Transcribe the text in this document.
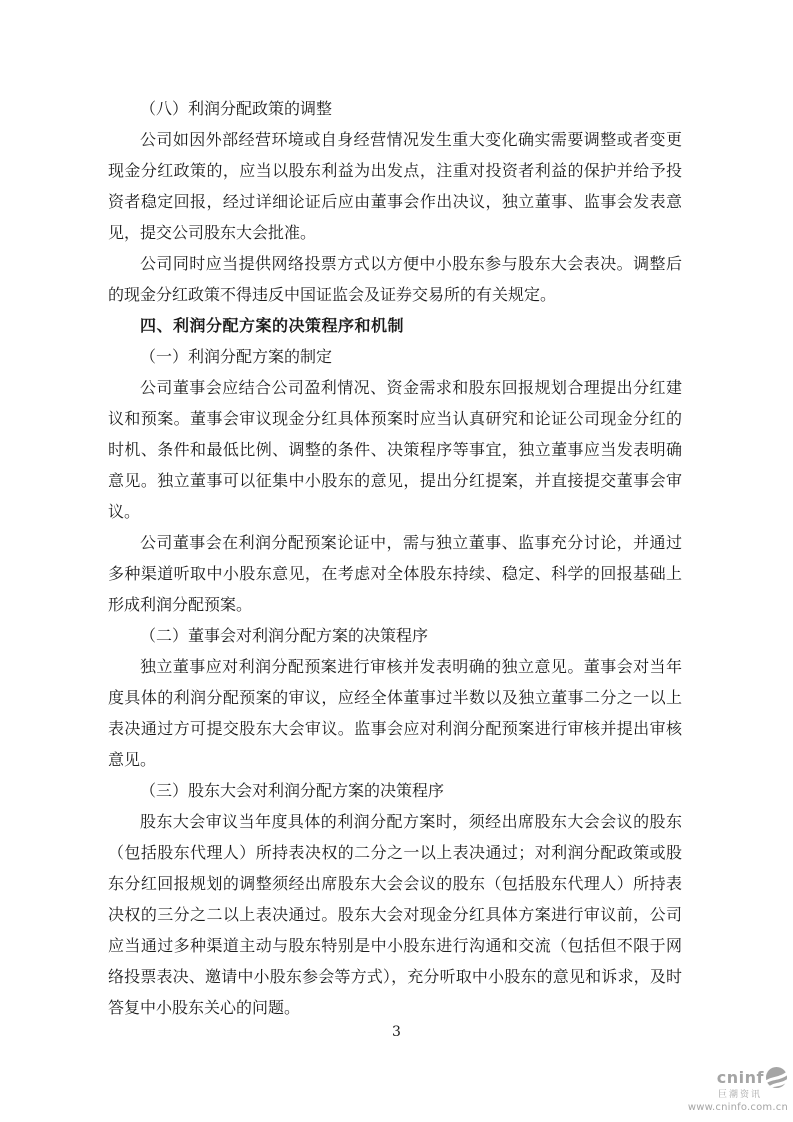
（八）利润分配政策的调整

公司如因外部经营环境或自身经营情况发生重大变化确实需要调整或者变更现金分红政策的，应当以股东利益为出发点，注重对投资者利益的保护并给予投资者稳定回报，经过详细论证后应由董事会作出决议，独立董事、监事会发表意见，提交公司股东大会批准。

公司同时应当提供网络投票方式以方便中小股东参与股东大会表决。调整后的现金分红政策不得违反中国证监会及证券交易所的有关规定。

四、利润分配方案的决策程序和机制

（一）利润分配方案的制定

公司董事会应结合公司盈利情况、资金需求和股东回报规划合理提出分红建议和预案。董事会审议现金分红具体预案时应当认真研究和论证公司现金分红的时机、条件和最低比例、调整的条件、决策程序等事宜，独立董事应当发表明确意见。独立董事可以征集中小股东的意见，提出分红提案，并直接提交董事会审议。

公司董事会在利润分配预案论证中，需与独立董事、监事充分讨论，并通过多种渠道听取中小股东意见，在考虑对全体股东持续、稳定、科学的回报基础上形成利润分配预案。

（二）董事会对利润分配方案的决策程序

独立董事应对利润分配预案进行审核并发表明确的独立意见。董事会对当年度具体的利润分配预案的审议，应经全体董事过半数以及独立董事二分之一以上表决通过方可提交股东大会审议。监事会应对利润分配预案进行审核并提出审核意见。

（三）股东大会对利润分配方案的决策程序

股东大会审议当年度具体的利润分配方案时，须经出席股东大会会议的股东（包括股东代理人）所持表决权的二分之一以上表决通过；对利润分配政策或股东分红回报规划的调整须经出席股东大会会议的股东（包括股东代理人）所持表决权的三分之二以上表决通过。股东大会对现金分红具体方案进行审议前，公司应当通过多种渠道主动与股东特别是中小股东进行沟通和交流（包括但不限于网络投票表决、邀请中小股东参会等方式），充分听取中小股东的意见和诉求，及时答复中小股东关心的问题。

3
cninf
巨潮资讯
www.cninfo.com.cn
